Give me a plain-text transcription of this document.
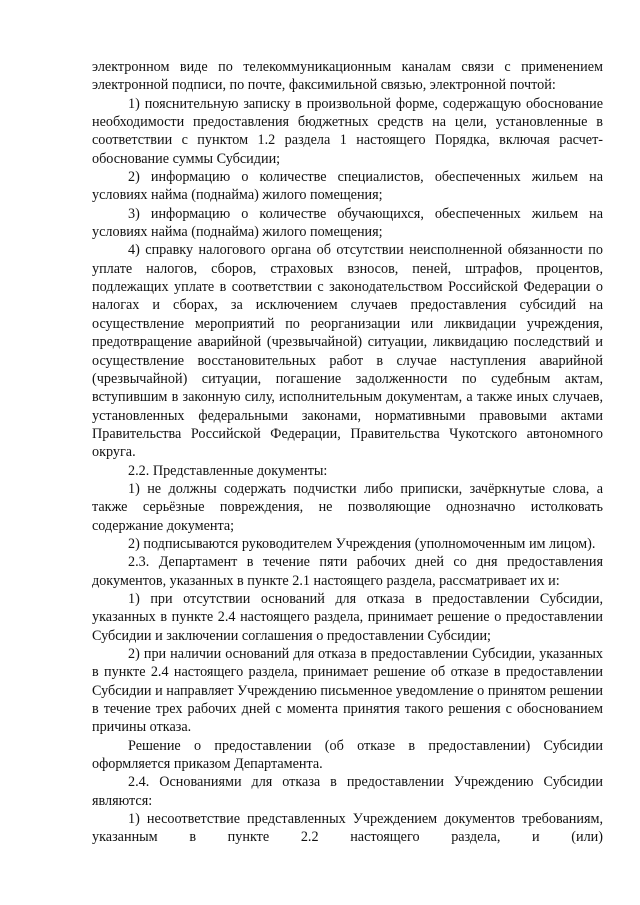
электронном виде по телекоммуникационным каналам связи с применением электронной подписи, по почте, факсимильной связью, электронной почтой:

1) пояснительную записку в произвольной форме, содержащую обоснование необходимости предоставления бюджетных средств на цели, установленные в соответствии с пунктом 1.2 раздела 1 настоящего Порядка, включая расчет-обоснование суммы Субсидии;

2) информацию о количестве специалистов, обеспеченных жильем на условиях найма (поднайма) жилого помещения;

3) информацию о количестве обучающихся, обеспеченных жильем на условиях найма (поднайма) жилого помещения;

4) справку налогового органа об отсутствии неисполненной обязанности по уплате налогов, сборов, страховых взносов, пеней, штрафов, процентов, подлежащих уплате в соответствии с законодательством Российской Федерации о налогах и сборах, за исключением случаев предоставления субсидий на осуществление мероприятий по реорганизации или ликвидации учреждения, предотвращение аварийной (чрезвычайной) ситуации, ликвидацию последствий и осуществление восстановительных работ в случае наступления аварийной (чрезвычайной) ситуации, погашение задолженности по судебным актам, вступившим в законную силу, исполнительным документам, а также иных случаев, установленных федеральными законами, нормативными правовыми актами Правительства Российской Федерации, Правительства Чукотского автономного округа.

2.2. Представленные документы:

1) не должны содержать подчистки либо приписки, зачёркнутые слова, а также серьёзные повреждения, не позволяющие однозначно истолковать содержание документа;

2) подписываются руководителем Учреждения (уполномоченным им лицом).

2.3. Департамент в течение пяти рабочих дней со дня предоставления документов, указанных в пункте 2.1 настоящего раздела, рассматривает их и:

1) при отсутствии оснований для отказа в предоставлении Субсидии, указанных в пункте 2.4 настоящего раздела, принимает решение о предоставлении Субсидии и заключении соглашения о предоставлении Субсидии;

2) при наличии оснований для отказа в предоставлении Субсидии, указанных в пункте 2.4 настоящего раздела, принимает решение об отказе в предоставлении Субсидии и направляет Учреждению письменное уведомление о принятом решении в течение трех рабочих дней с момента принятия такого решения с обоснованием причины отказа.

Решение о предоставлении (об отказе в предоставлении) Субсидии оформляется приказом Департамента.

2.4. Основаниями для отказа в предоставлении Учреждению Субсидии являются:

1) несоответствие представленных Учреждением документов требованиям, указанным в пункте 2.2 настоящего раздела, и (или)
